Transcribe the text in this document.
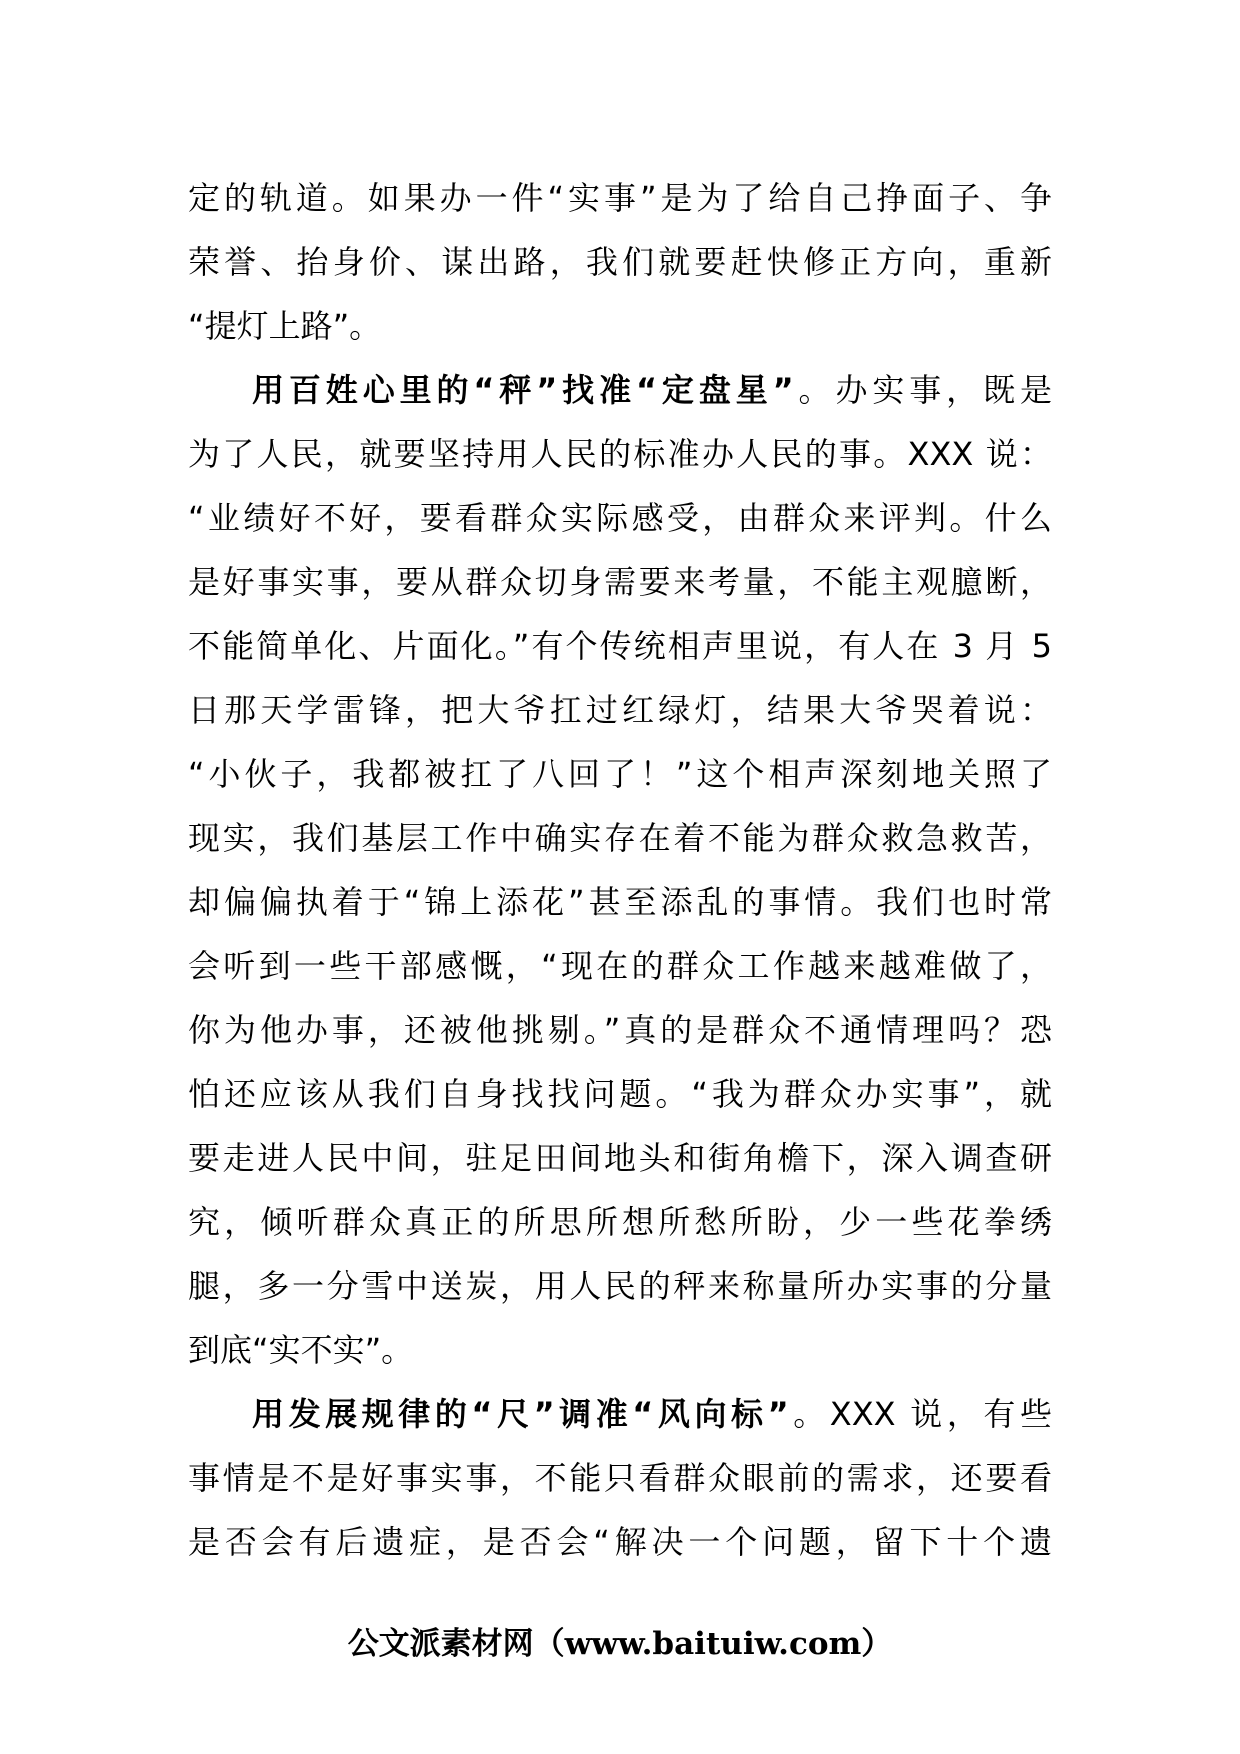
定的轨道。如果办一件“实事”是为了给自己挣面子、争
荣誉、抬身价、谋出路，我们就要赶快修正方向，重新
“提灯上路”。
用百姓心里的“秤”找准“定盘星”。办实事，既是
为了人民，就要坚持用人民的标准办人民的事。XXX 说：
“业绩好不好，要看群众实际感受，由群众来评判。什么
是好事实事，要从群众切身需要来考量，不能主观臆断，
不能简单化、片面化。”有个传统相声里说，有人在 3 月 5
日那天学雷锋，把大爷扛过红绿灯，结果大爷哭着说：
“小伙子，我都被扛了八回了！”这个相声深刻地关照了
现实，我们基层工作中确实存在着不能为群众救急救苦，
却偏偏执着于“锦上添花”甚至添乱的事情。我们也时常
会听到一些干部感慨，“现在的群众工作越来越难做了，
你为他办事，还被他挑剔。”真的是群众不通情理吗？恐
怕还应该从我们自身找找问题。“我为群众办实事”，就
要走进人民中间，驻足田间地头和街角檐下，深入调查研
究，倾听群众真正的所思所想所愁所盼，少一些花拳绣
腿，多一分雪中送炭，用人民的秤来称量所办实事的分量
到底“实不实”。
用发展规律的“尺”调准“风向标”。XXX 说，有些
事情是不是好事实事，不能只看群众眼前的需求，还要看
是否会有后遗症，是否会“解决一个问题，留下十个遗
公文派素材网（www.baituiw.com）
